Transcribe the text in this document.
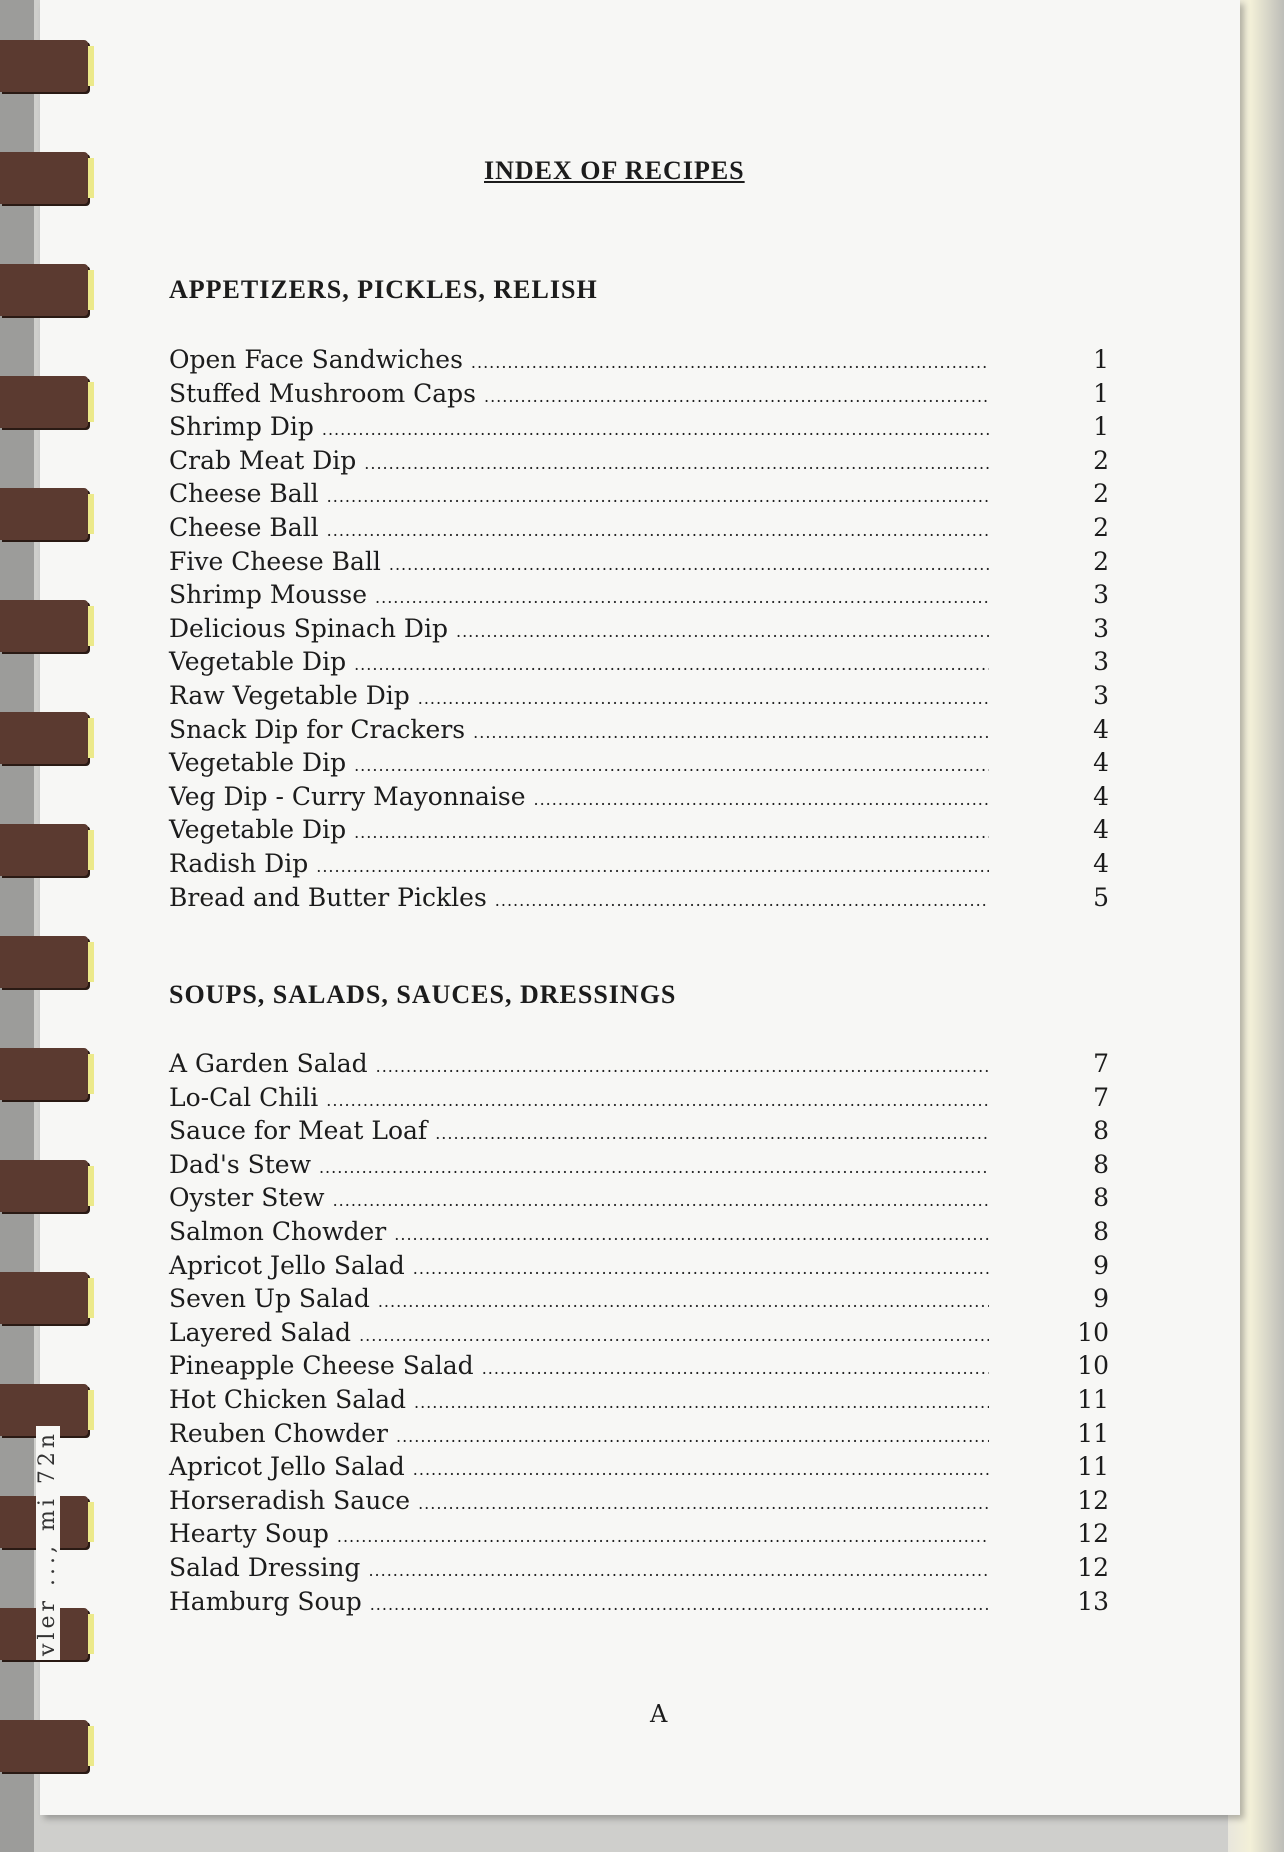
INDEX OF RECIPES
APPETIZERS, PICKLES, RELISH
Open Face Sandwiches .....	1
Stuffed Mushroom Caps .....	1
Shrimp Dip .....	1
Crab Meat Dip .....	2
Cheese Ball .....	2
Cheese Ball .....	2
Five Cheese Ball .....	2
Shrimp Mousse .....	3
Delicious Spinach Dip .....	3
Vegetable Dip .....	3
Raw Vegetable Dip .....	3
Snack Dip for Crackers .....	4
Vegetable Dip .....	4
Veg Dip - Curry Mayonnaise .....	4
Vegetable Dip .....	4
Radish Dip .....	4
Bread and Butter Pickles .....	5
SOUPS, SALADS, SAUCES, DRESSINGS
A Garden Salad .....	7
Lo-Cal Chili .....	7
Sauce for Meat Loaf .....	8
Dad's Stew .....	8
Oyster Stew .....	8
Salmon Chowder .....	8
Apricot Jello Salad .....	9
Seven Up Salad .....	9
Layered Salad .....	10
Pineapple Cheese Salad .....	10
Hot Chicken Salad .....	11
Reuben Chowder .....	11
Apricot Jello Salad .....	11
Horseradish Sauce .....	12
Hearty Soup .....	12
Salad Dressing .....	12
Hamburg Soup .....	13
A
vler ..., mi 72n
